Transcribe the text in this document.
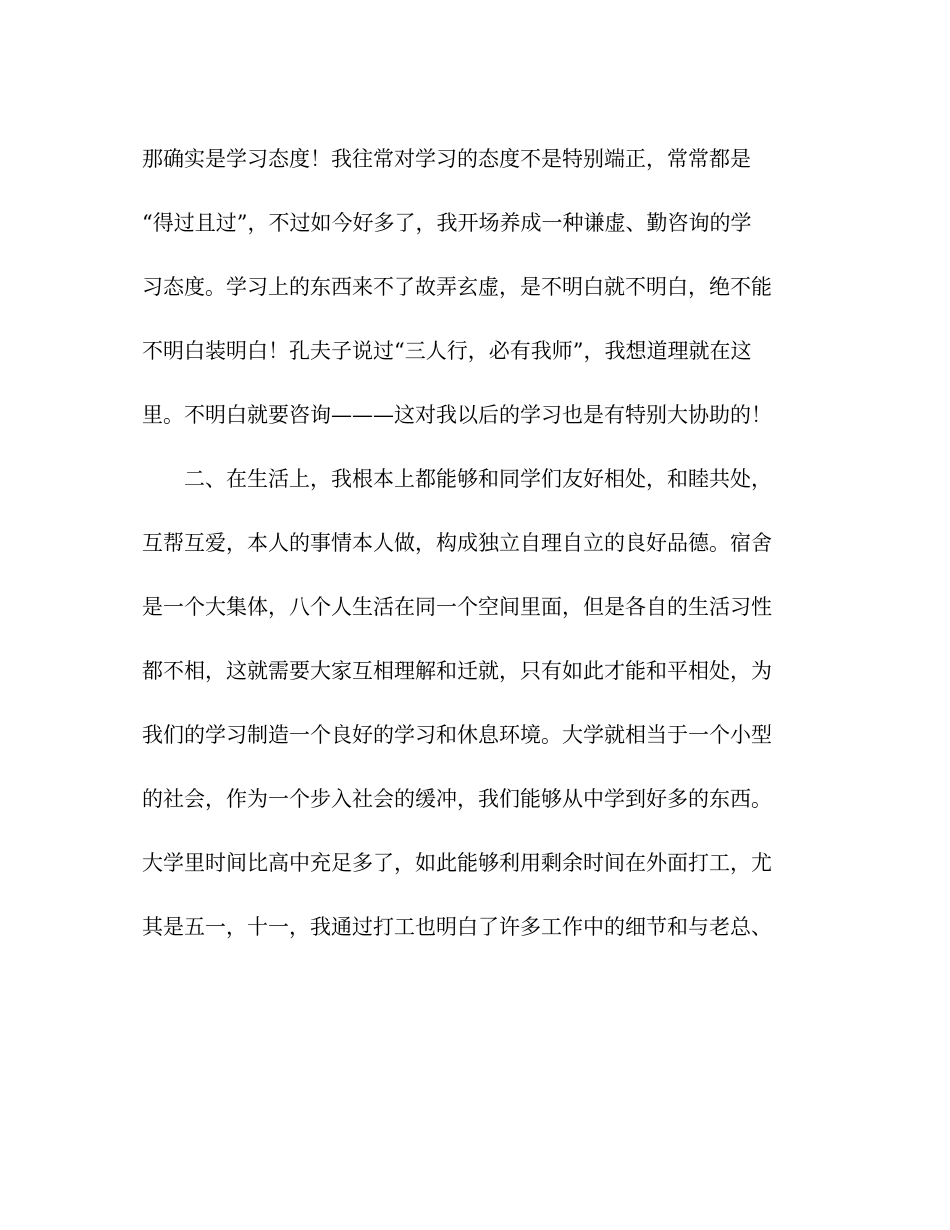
那确实是学习态度！我往常对学习的态度不是特别端正，常常都是
“得过且过”，不过如今好多了，我开场养成一种谦虚、勤咨询的学
习态度。学习上的东西来不了故弄玄虚，是不明白就不明白，绝不能
不明白装明白！孔夫子说过“三人行，必有我师”，我想道理就在这
里。不明白就要咨询———这对我以后的学习也是有特别大协助的！
二、在生活上，我根本上都能够和同学们友好相处，和睦共处，
互帮互爱，本人的事情本人做，构成独立自理自立的良好品德。宿舍
是一个大集体，八个人生活在同一个空间里面，但是各自的生活习性
都不相，这就需要大家互相理解和迁就，只有如此才能和平相处，为
我们的学习制造一个良好的学习和休息环境。大学就相当于一个小型
的社会，作为一个步入社会的缓冲，我们能够从中学到好多的东西。
大学里时间比高中充足多了，如此能够利用剩余时间在外面打工，尤
其是五一，十一，我通过打工也明白了许多工作中的细节和与老总、
